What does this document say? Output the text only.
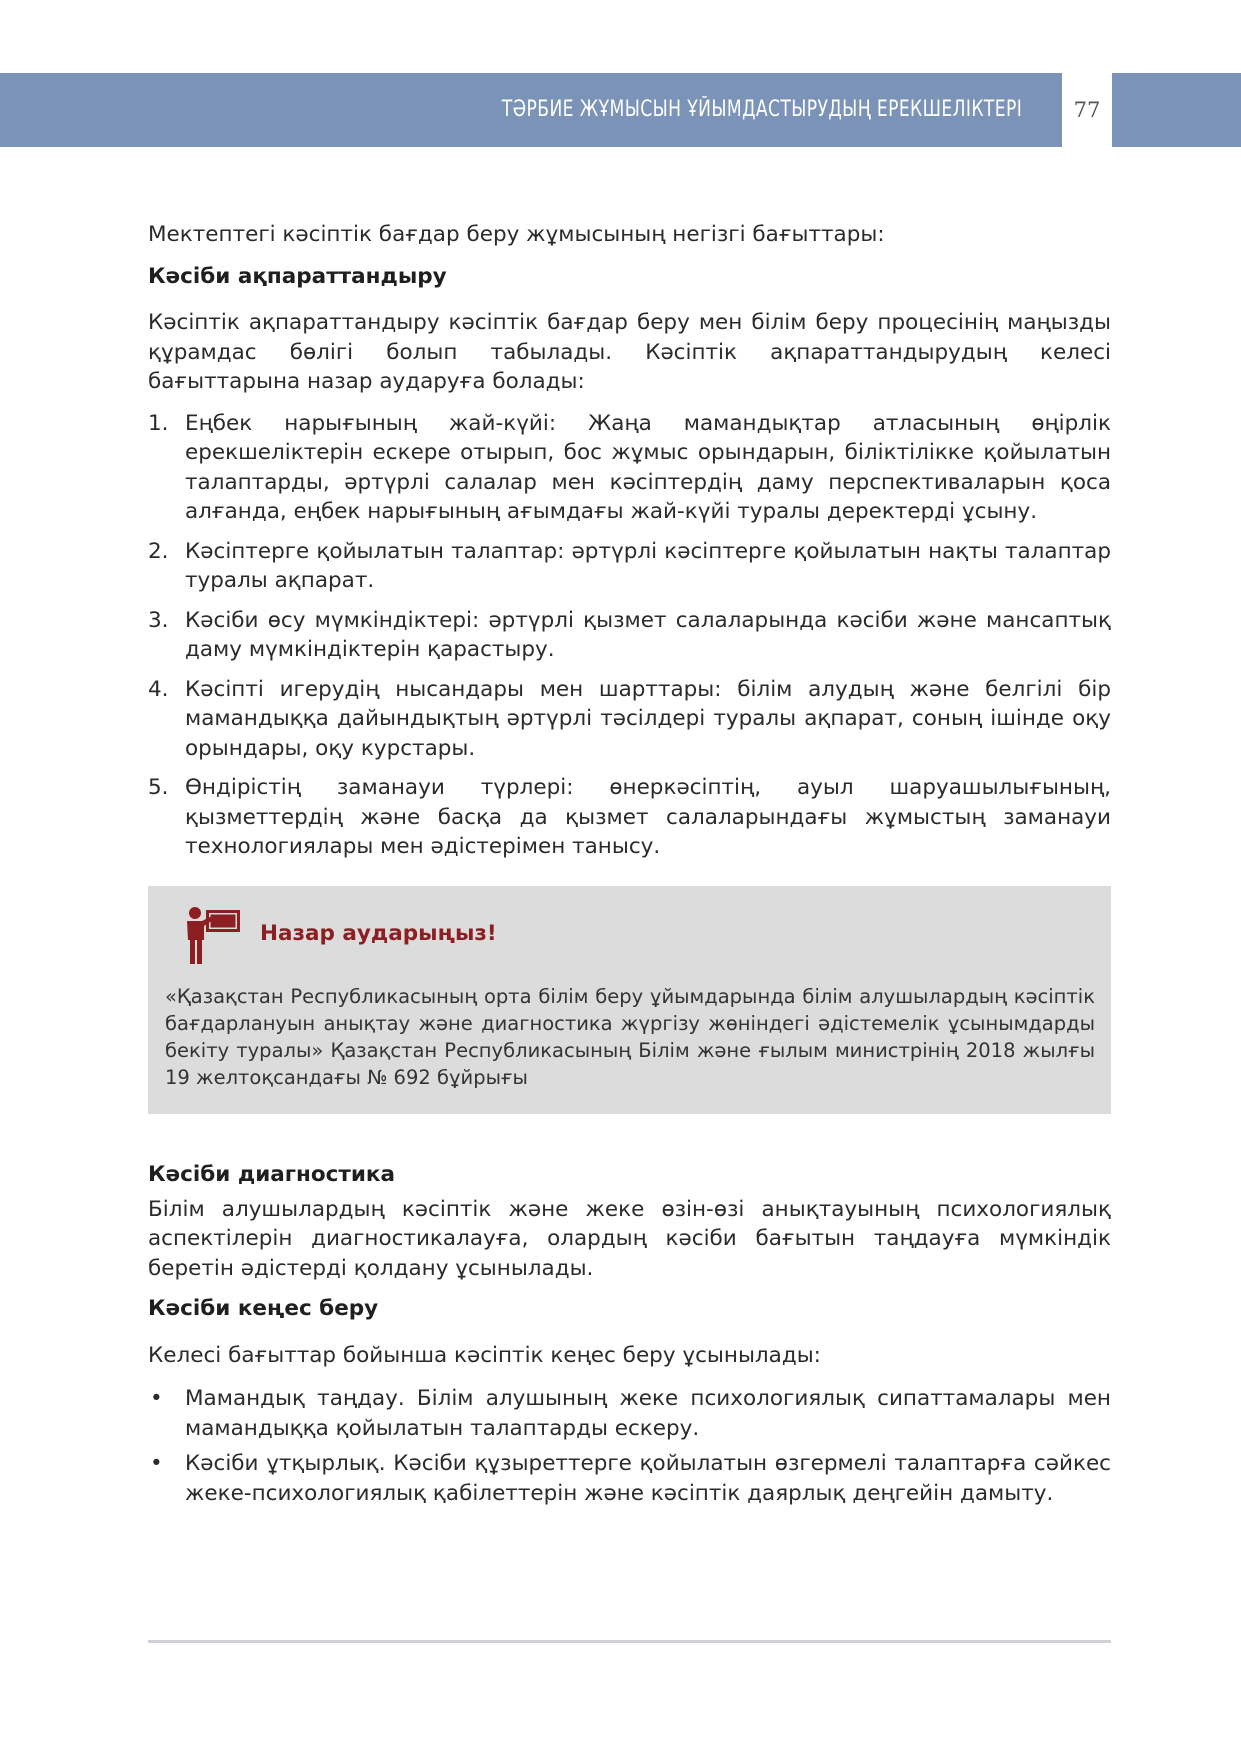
ТӘРБИЕ ЖҰМЫСЫН ҰЙЫМДАСТЫРУДЫҢ ЕРЕКШЕЛІКТЕРІ	77

Мектептегі кәсіптік бағдар беру жұмысының негізгі бағыттары:

Кәсіби ақпараттандыру

Кәсіптік ақпараттандыру кәсіптік бағдар беру мен білім беру процесінің маңызды құрамдас бөлігі болып табылады. Кәсіптік ақпараттандырудың келесі бағыттарына назар аударуға болады:

1. Еңбек нарығының жай-күйі: Жаңа мамандықтар атласының өңірлік ерекшеліктерін ескере отырып, бос жұмыс орындарын, біліктілікке қойылатын талаптарды, әртүрлі салалар мен кәсіптердің даму перспективаларын қоса алғанда, еңбек нарығының ағымдағы жай-күйі туралы деректерді ұсыну.
2. Кәсіптерге қойылатын талаптар: әртүрлі кәсіптерге қойылатын нақты талаптар туралы ақпарат.
3. Кәсіби өсу мүмкіндіктері: әртүрлі қызмет салаларында кәсіби және мансаптық даму мүмкіндіктерін қарастыру.
4. Кәсіпті игерудің нысандары мен шарттары: білім алудың және белгілі бір мамандыққа дайындықтың әртүрлі тәсілдері туралы ақпарат, соның ішінде оқу орындары, оқу курстары.
5. Өндірістің заманауи түрлері: өнеркәсіптің, ауыл шаруашылығының, қызметтердің және басқа да қызмет салаларындағы жұмыстың заманауи технологиялары мен әдістерімен танысу.
Назар аударыңыз!
«Қазақстан Республикасының орта білім беру ұйымдарында білім алушылардың кәсіптік бағдарлануын анықтау және диагностика жүргізу жөніндегі әдістемелік ұсынымдарды бекіту туралы» Қазақстан Республикасының Білім және ғылым министрінің 2018 жылғы 19 желтоқсандағы № 692 бұйрығы
Кәсіби диагностика

Білім алушылардың кәсіптік және жеке өзін-өзі анықтауының психологиялық аспектілерін диагностикалауға, олардың кәсіби бағытын таңдауға мүмкіндік беретін әдістерді қолдану ұсынылады.

Кәсіби кеңес беру

Келесі бағыттар бойынша кәсіптік кеңес беру ұсынылады:

• Мамандық таңдау. Білім алушының жеке психологиялық сипаттамалары мен мамандыққа қойылатын талаптарды ескеру.
• Кәсіби ұтқырлық. Кәсіби құзыреттерге қойылатын өзгермелі талаптарға сәйкес жеке-психологиялық қабілеттерін және кәсіптік даярлық деңгейін дамыту.
